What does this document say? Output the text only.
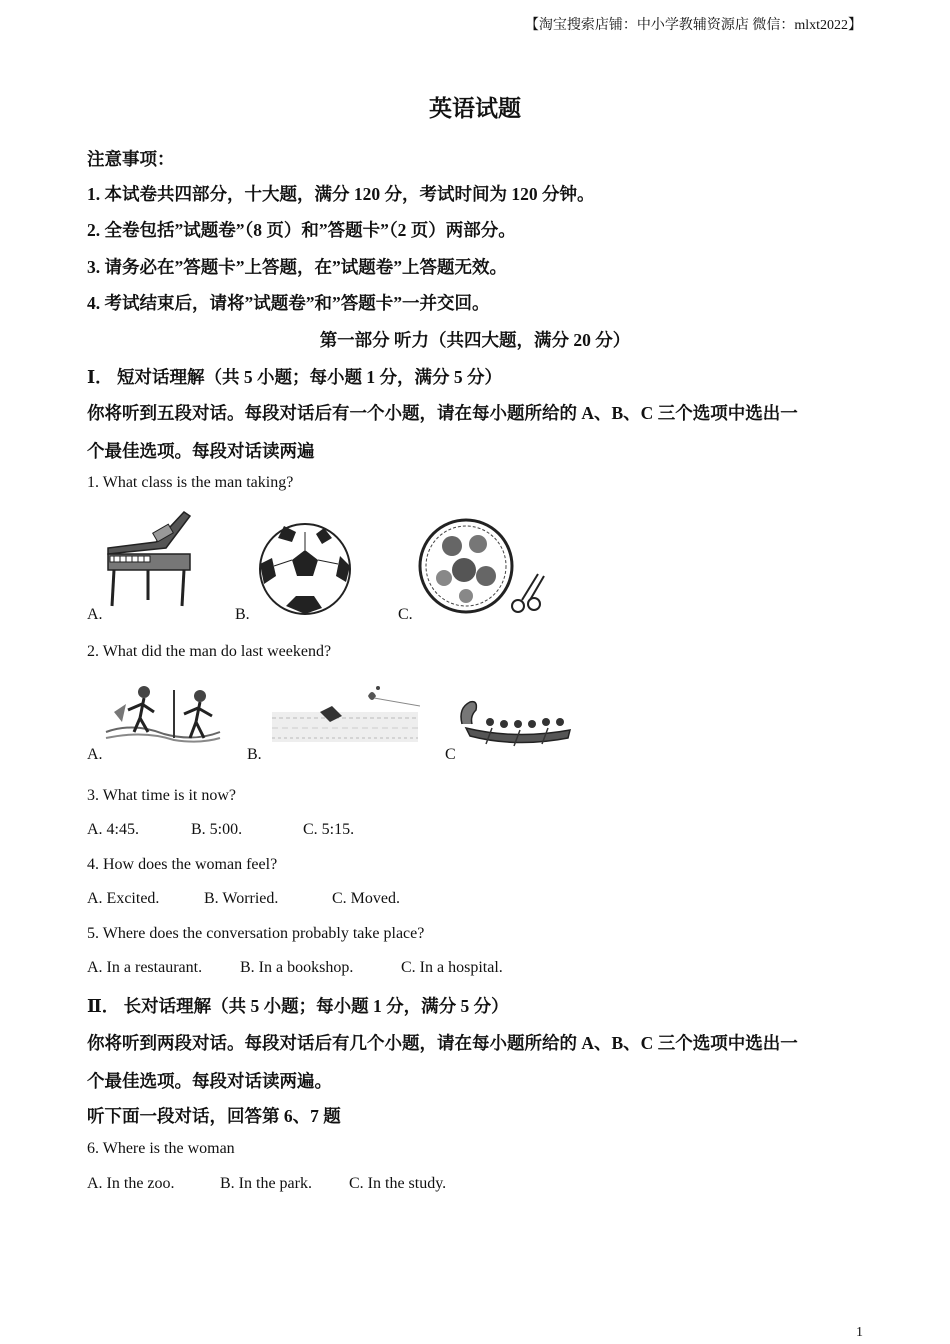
【淘宝搜索店铺：中小学教辅资源店 微信：mlxt2022】
英语试题
注意事项：
1. 本试卷共四部分，十大题，满分 120 分，考试时间为 120 分钟。
2. 全卷包括”试题卷”（8 页）和”答题卡”（2 页）两部分。
3. 请务必在”答题卡”上答题，在”试题卷”上答题无效。
4. 考试结束后，请将”试题卷”和”答题卡”一并交回。
第一部分 听力（共四大题，满分 20 分）
Ⅰ． 短对话理解（共 5 小题；每小题 1 分，满分 5 分）
你将听到五段对话。每段对话后有一个小题，请在每小题所给的 A、B、C 三个选项中选出一
个最佳选项。每段对话读两遍
1. What class is the man taking?
A.	B.	C.
2. What did the man do last weekend?
A.	B.	C
3. What time is it now?
A. 4:45.	B. 5:00.	C. 5:15.
4. How does the woman feel?
A. Excited.	B. Worried.	C. Moved.
5. Where does the conversation probably take place?
A. In a restaurant. B. In a bookshop.	C. In a hospital.
Ⅱ． 长对话理解（共 5 小题；每小题 1 分，满分 5 分）
你将听到两段对话。每段对话后有几个小题，请在每小题所给的 A、B、C 三个选项中选出一
个最佳选项。每段对话读两遍。
听下面一段对话，回答第 6、7 题
6. Where is the woman
A. In the zoo.	B. In the park. C. In the study.
1
